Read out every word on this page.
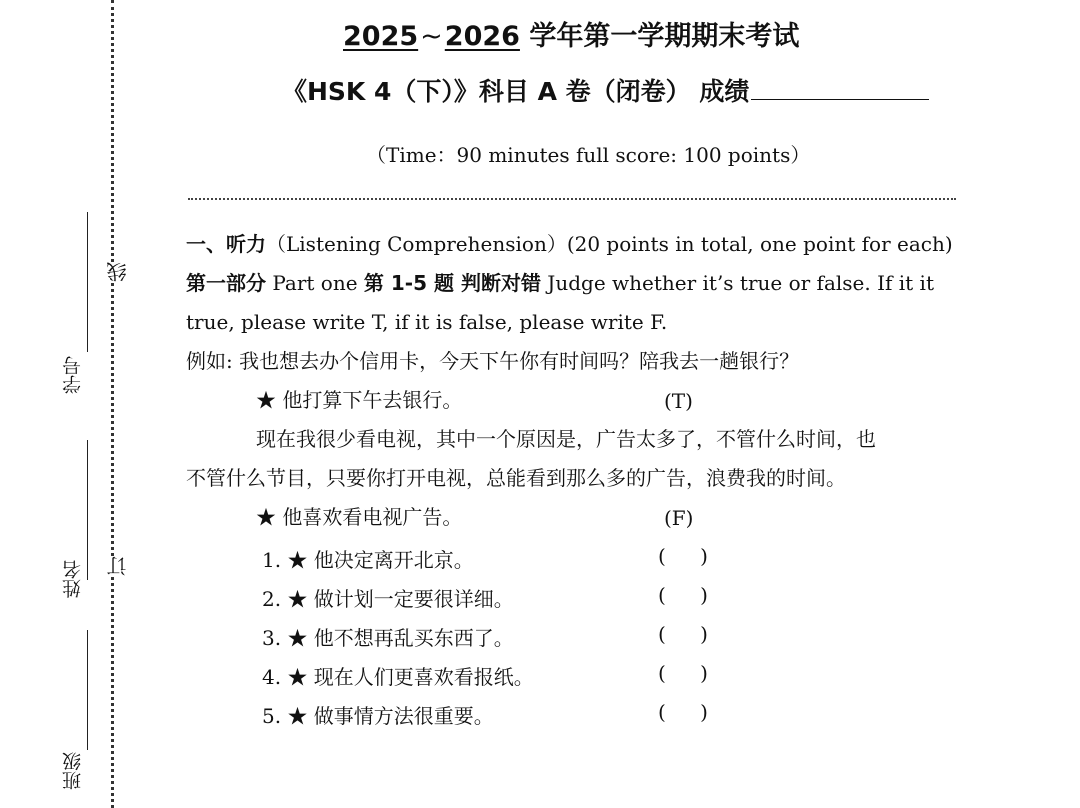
线
订
学号
姓名
班级
2025~2026 学年第一学期期末考试
《HSK 4（下）》科目 A 卷（闭卷） 成绩
（Time：90 minutes full score: 100 points）
一、听力（Listening Comprehension）(20 points in total, one point for each)
第一部分 Part one 第 1-5 题 判断对错 Judge whether it’s true or false. If it it
true, please write T, if it is false, please write F.
例如: 我也想去办个信用卡，今天下午你有时间吗？陪我去一趟银行？
★ 他打算下午去银行。	(T)
现在我很少看电视，其中一个原因是，广告太多了，不管什么时间，也
不管什么节目，只要你打开电视，总能看到那么多的广告，浪费我的时间。
★ 他喜欢看电视广告。	(F)
1. ★ 他决定离开北京。	( )
2. ★ 做计划一定要很详细。	( )
3. ★ 他不想再乱买东西了。	( )
4. ★ 现在人们更喜欢看报纸。	( )
5. ★ 做事情方法很重要。	( )
